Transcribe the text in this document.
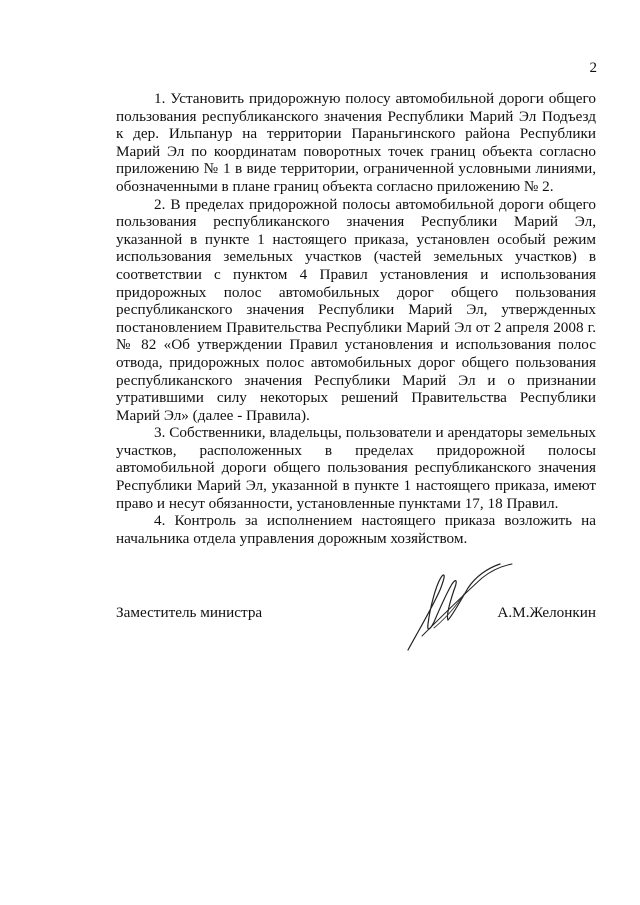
2

1. Установить придорожную полосу автомобильной дороги общего пользования республиканского значения Республики Марий Эл Подъезд к дер. Ильпанур на территории Параньгинского района Республики Марий Эл по координатам поворотных точек границ объекта согласно приложению № 1 в виде территории, ограниченной условными линиями, обозначенными в плане границ объекта согласно приложению № 2.

2. В пределах придорожной полосы автомобильной дороги общего пользования республиканского значения Республики Марий Эл, указанной в пункте 1 настоящего приказа, установлен особый режим использования земельных участков (частей земельных участков) в соответствии с пунктом 4 Правил установления и использования придорожных полос автомобильных дорог общего пользования республиканского значения Республики Марий Эл, утвержденных постановлением Правительства Республики Марий Эл от 2 апреля 2008 г. № 82 «Об утверждении Правил установления и использования полос отвода, придорожных полос автомобильных дорог общего пользования республиканского значения Республики Марий Эл и о признании утратившими силу некоторых решений Правительства Республики Марий Эл» (далее - Правила).

3. Собственники, владельцы, пользователи и арендаторы земельных участков, расположенных в пределах придорожной полосы автомобильной дороги общего пользования республиканского значения Республики Марий Эл, указанной в пункте 1 настоящего приказа, имеют право и несут обязанности, установленные пунктами 17, 18 Правил.

4. Контроль за исполнением настоящего приказа возложить на начальника отдела управления дорожным хозяйством.

Заместитель министра	А.М.Желонкин
